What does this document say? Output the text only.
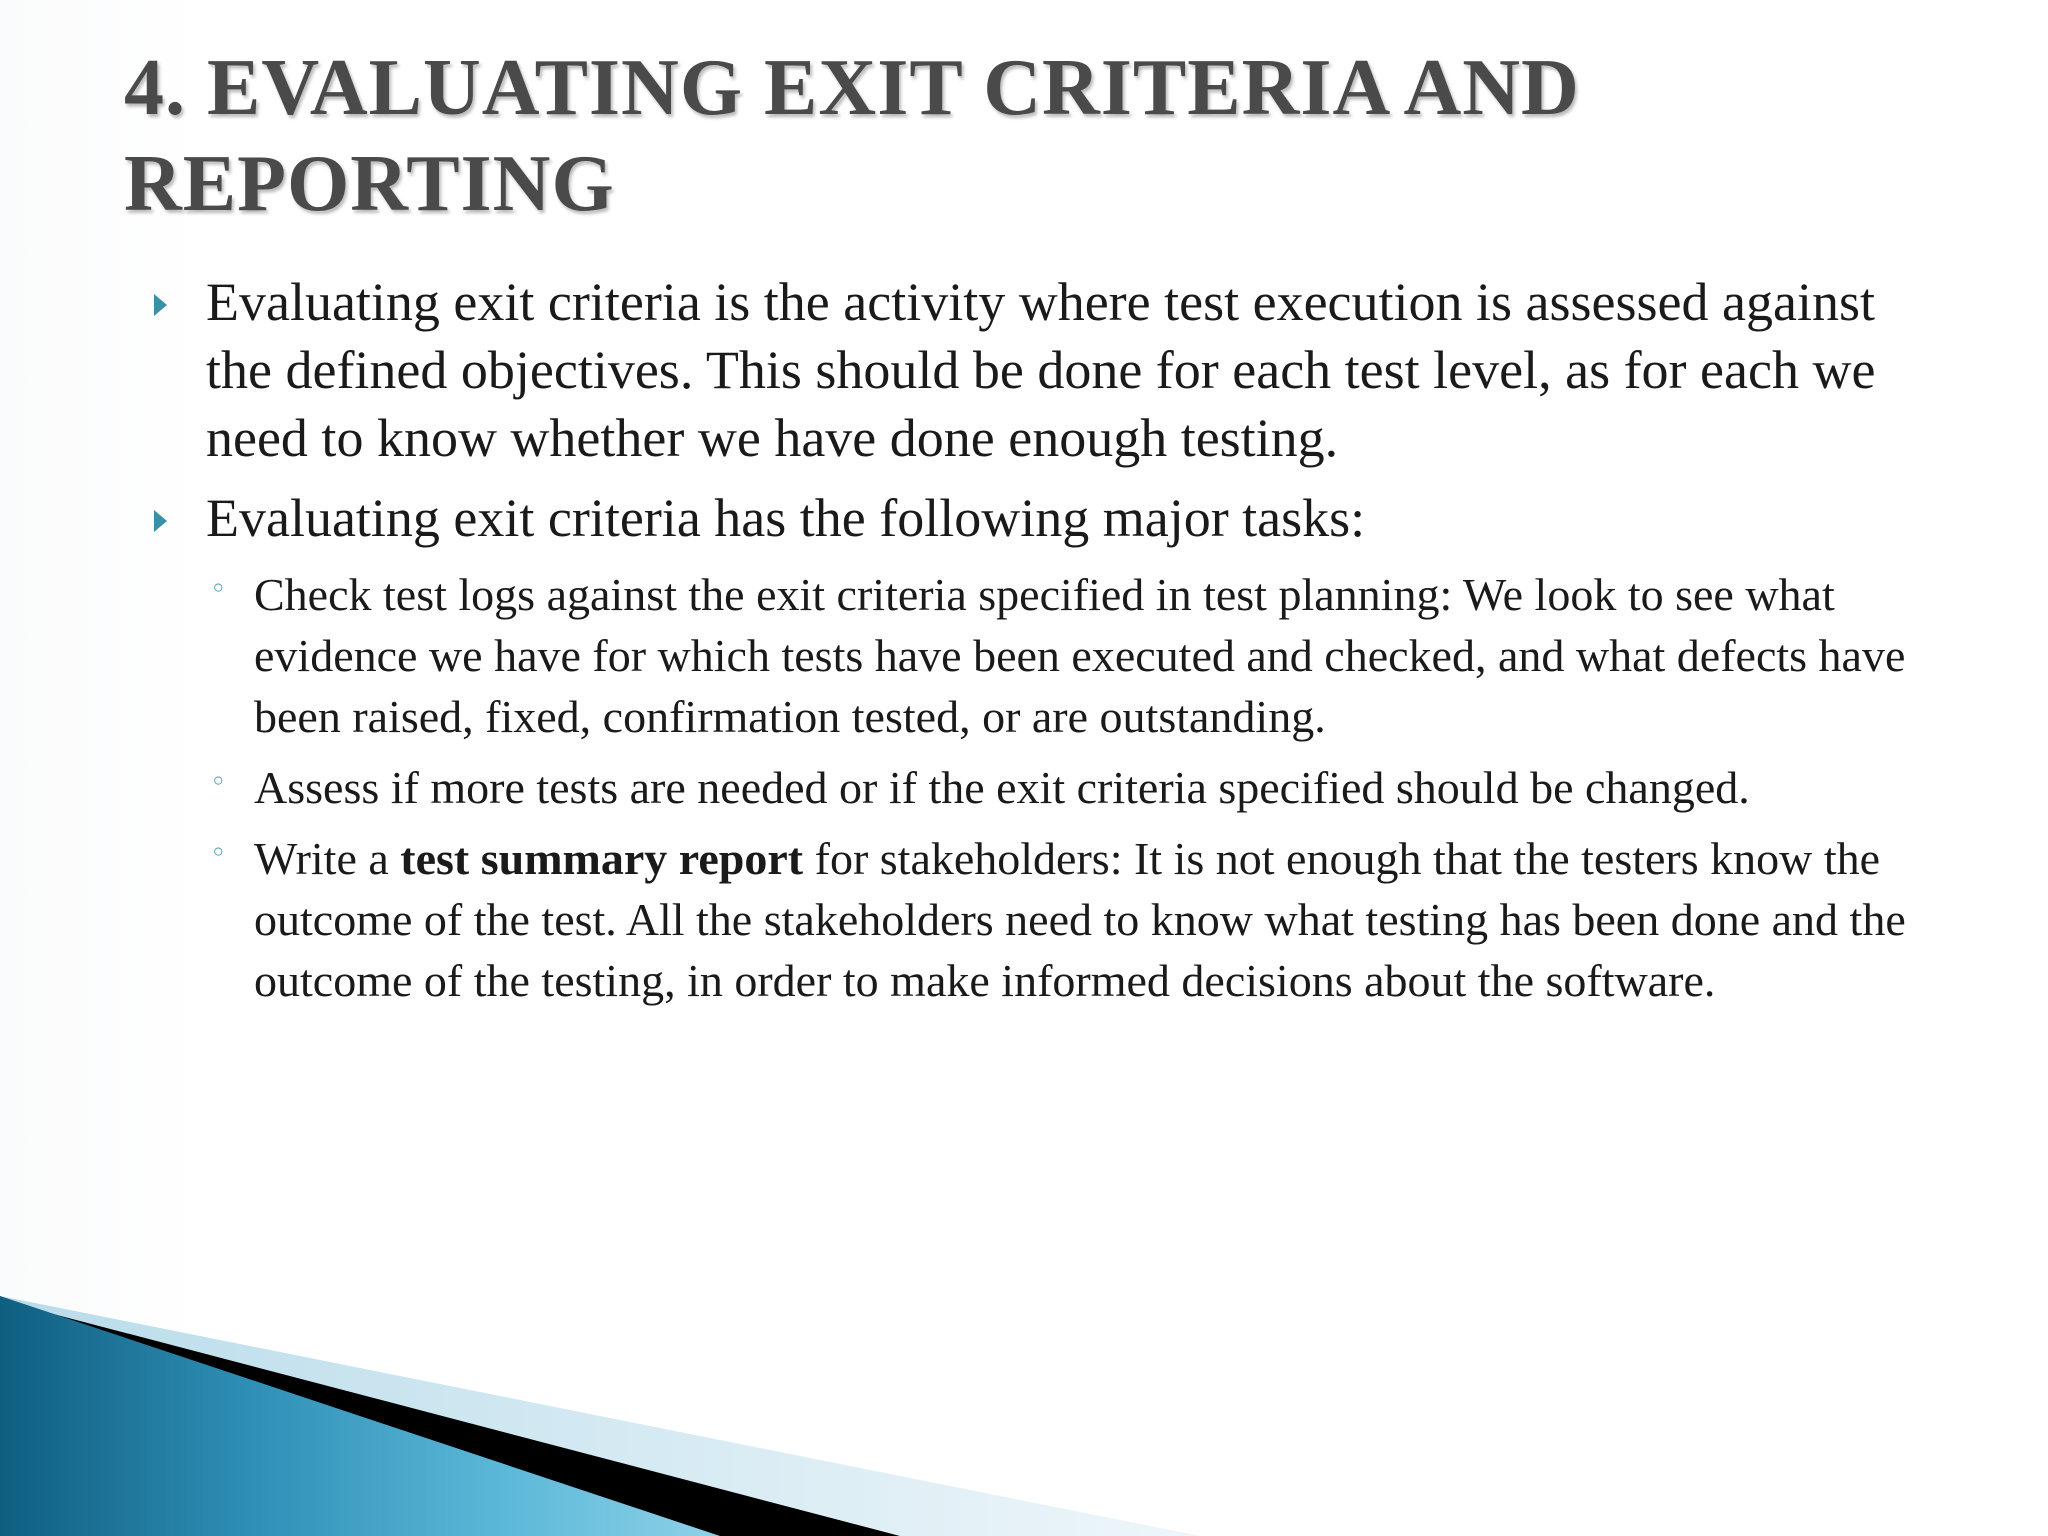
4. EVALUATING EXIT CRITERIA AND REPORTING
Evaluating exit criteria is the activity where test execution is assessed against the defined objectives. This should be done for each test level, as for each we need to know whether we have done enough testing.
Evaluating exit criteria has the following major tasks:
◦ Check test logs against the exit criteria specified in test planning: We look to see what evidence we have for which tests have been executed and checked, and what defects have been raised, fixed, confirmation tested, or are outstanding.
◦ Assess if more tests are needed or if the exit criteria specified should be changed.
◦ Write a test summary report for stakeholders: It is not enough that the testers know the outcome of the test. All the stakeholders need to know what testing has been done and the outcome of the testing, in order to make informed decisions about the software.
